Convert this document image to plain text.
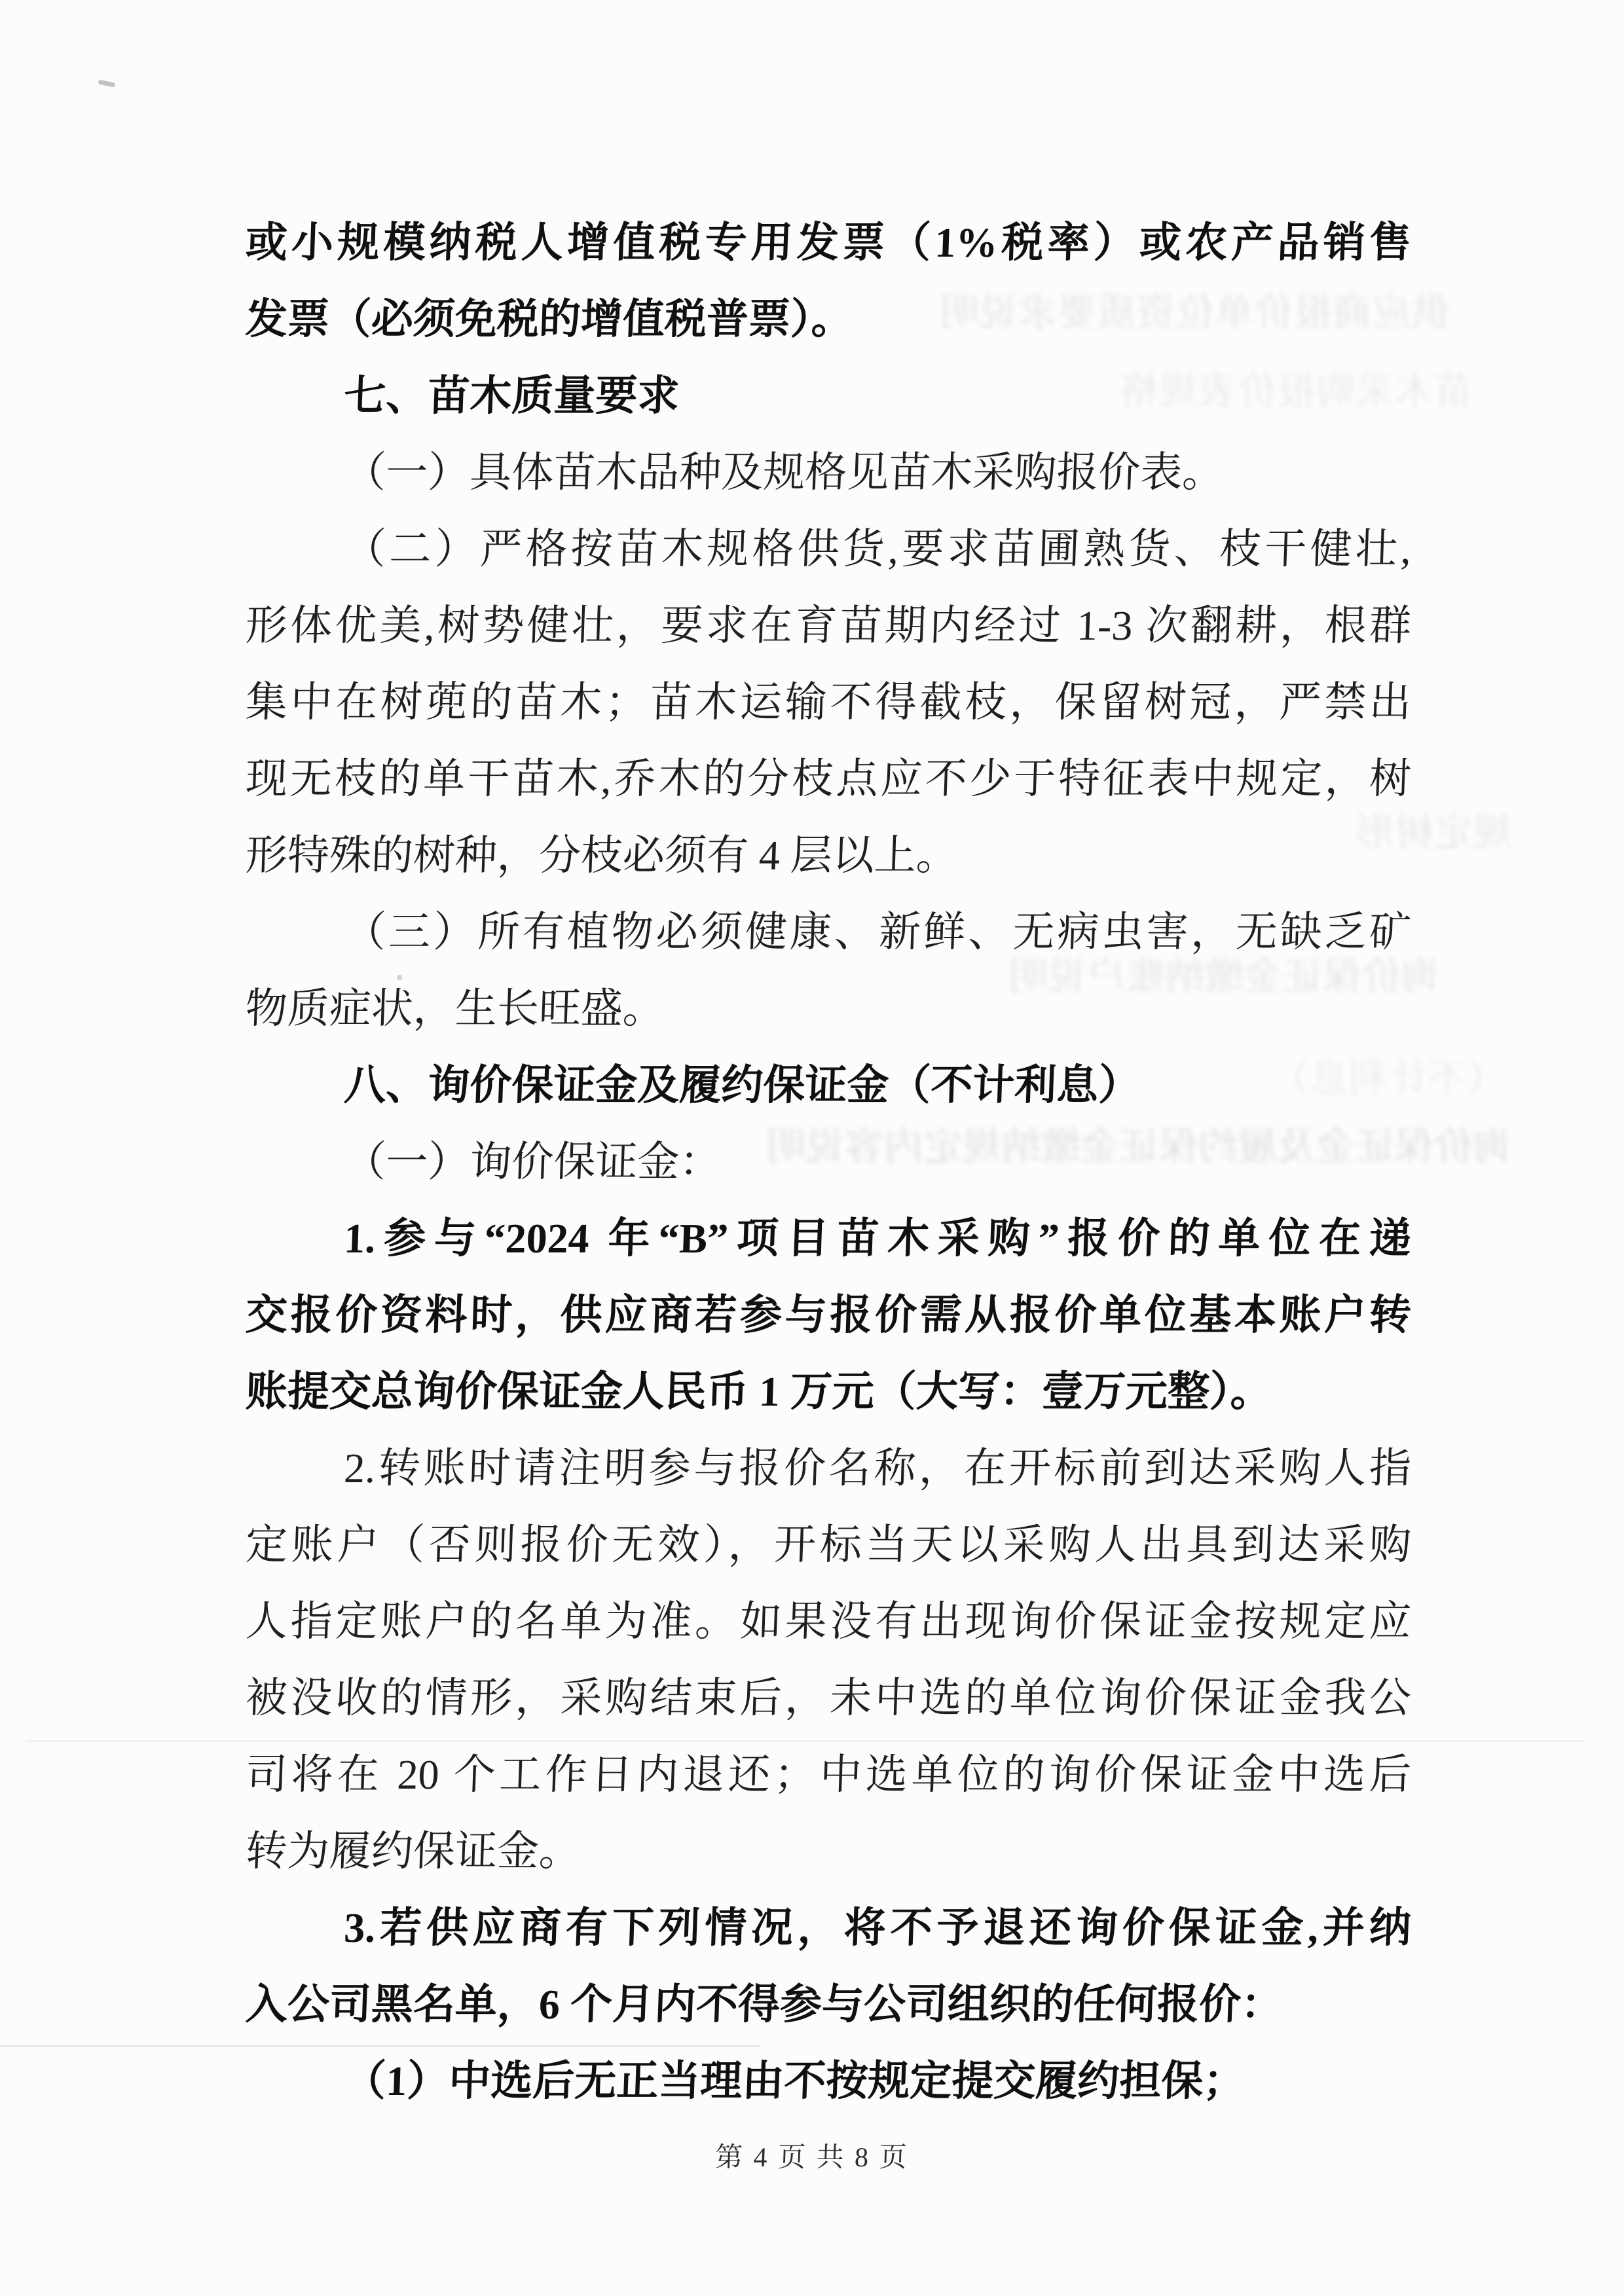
供应商报价单位资质要求说明
苗木采购报价表规格
规定树形
询价保证金缴纳账户说明
询价保证金及履约保证金缴纳规定内容说明
（不计利息）
或小规模纳税人增值税专用发票（1%税率）或农产品销售
发票（必须免税的增值税普票）。
七、苗木质量要求
（一）具体苗木品种及规格见苗木采购报价表。
（二）严格按苗木规格供货,要求苗圃熟货、枝干健壮,
形体优美,树势健壮，要求在育苗期内经过 1-3 次翻耕，根群
集中在树蔸的苗木；苗木运输不得截枝，保留树冠，严禁出
现无枝的单干苗木,乔木的分枝点应不少于特征表中规定，树
形特殊的树种，分枝必须有 4 层以上。
（三）所有植物必须健康、新鲜、无病虫害，无缺乏矿
物质症状，生长旺盛。
八、询价保证金及履约保证金（不计利息）
（一）询价保证金：
1.参与“2024 年“B”项目苗木采购”报价的单位在递
交报价资料时，供应商若参与报价需从报价单位基本账户转
账提交总询价保证金人民币 1 万元（大写：壹万元整）。
2.转账时请注明参与报价名称，在开标前到达采购人指
定账户（否则报价无效），开标当天以采购人出具到达采购
人指定账户的名单为准。如果没有出现询价保证金按规定应
被没收的情形，采购结束后，未中选的单位询价保证金我公
司将在 20 个工作日内退还；中选单位的询价保证金中选后
转为履约保证金。
3.若供应商有下列情况，将不予退还询价保证金,并纳
入公司黑名单，6 个月内不得参与公司组织的任何报价：
（1）中选后无正当理由不按规定提交履约担保；
第 4 页 共 8 页
